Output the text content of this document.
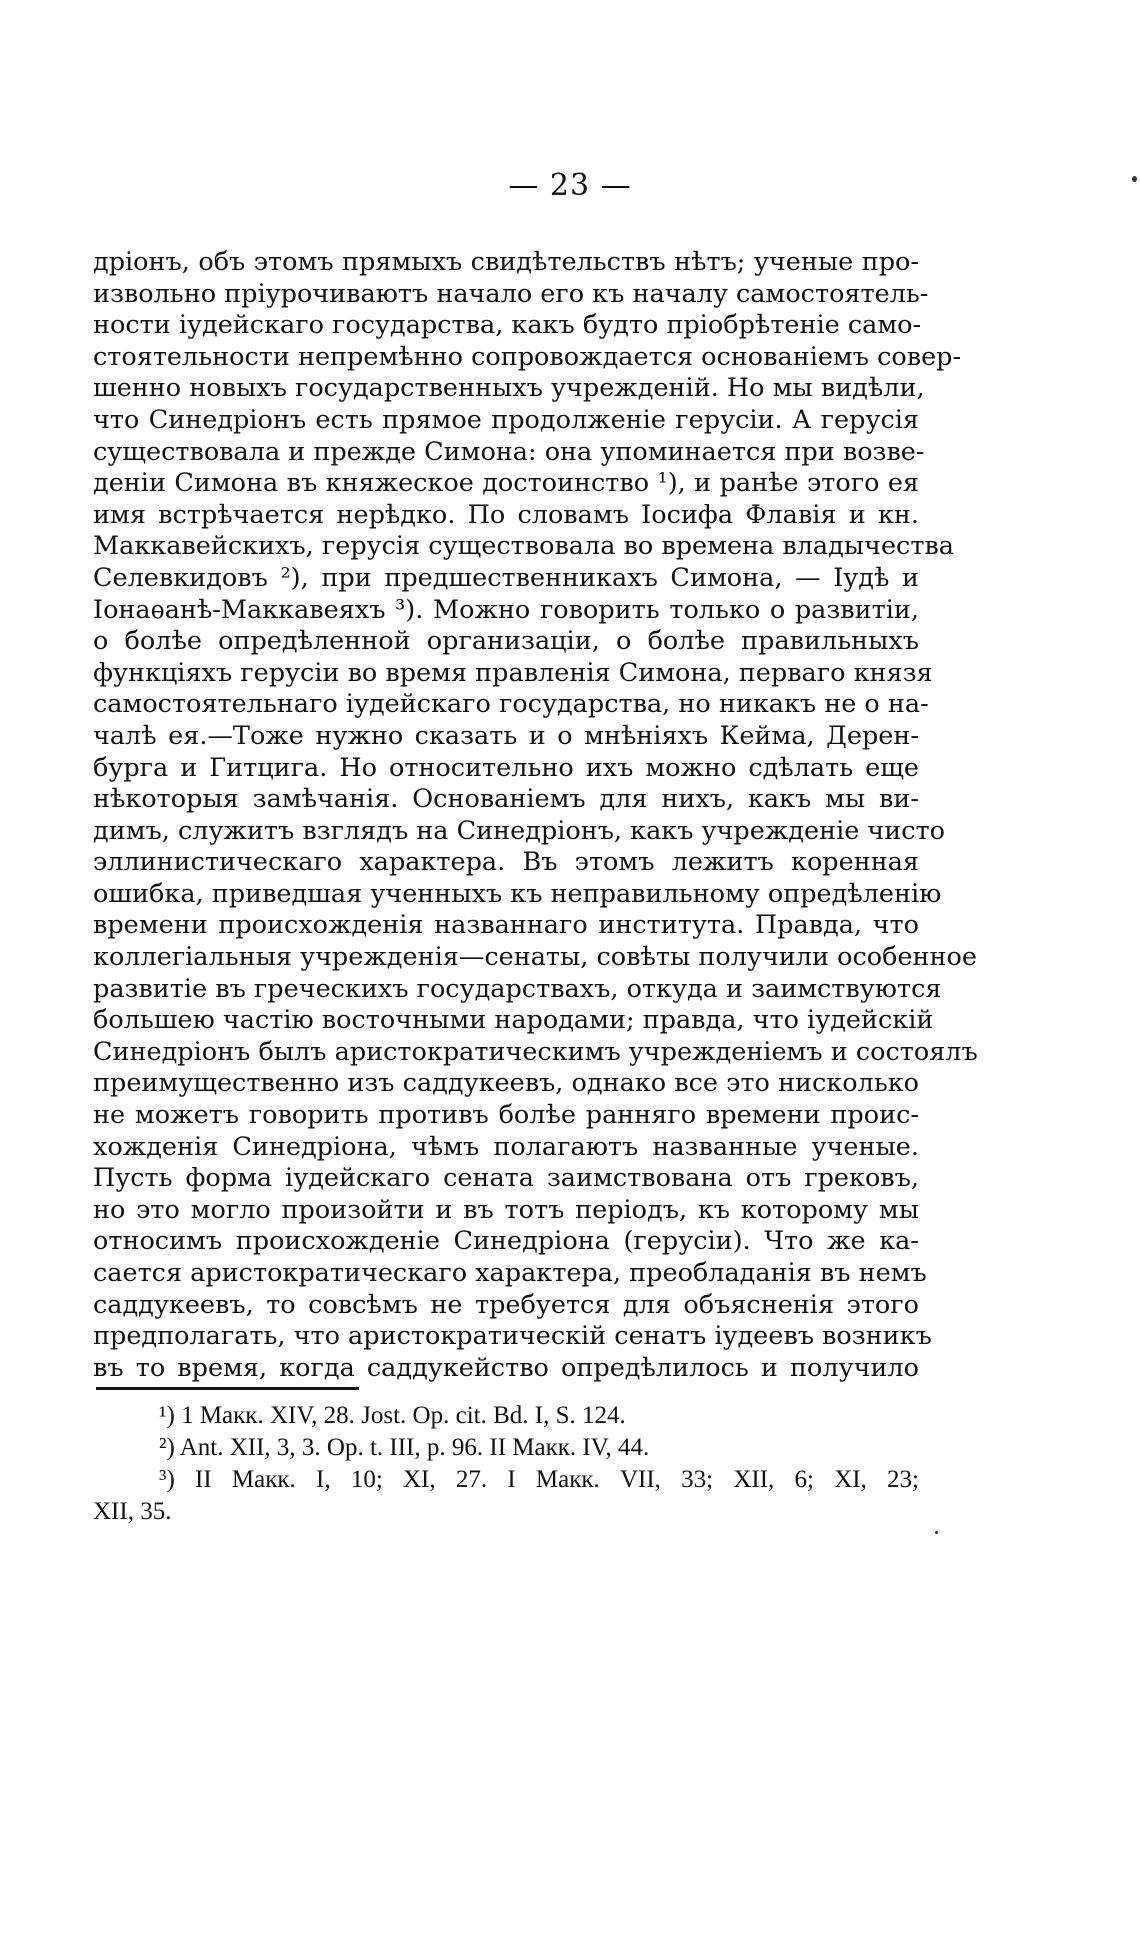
— 23 —
дріонъ, объ этомъ прямыхъ свидѣтельствъ нѣтъ; ученые про-
извольно пріурочиваютъ начало его къ началу самостоятель-
ности іудейскаго государства, какъ будто пріобрѣтеніе само-
стоятельности непремѣнно сопровождается основаніемъ совер-
шенно новыхъ государственныхъ учрежденій. Но мы видѣли,
что Синедріонъ есть прямое продолженіе герусіи. А герусія
существовала и прежде Симона: она упоминается при возве-
деніи Симона въ княжеское достоинство ¹), и ранѣе этого ея
имя встрѣчается нерѣдко. По словамъ Іосифа Флавія и кн.
Маккавейскихъ, герусія существовала во времена владычества
Селевкидовъ ²), при предшественникахъ Симона, — Іудѣ и
Іонаѳанѣ-Маккавеяхъ ³). Можно говорить только о развитіи,
о болѣе опредѣленной организаціи, о болѣе правильныхъ
функціяхъ герусіи во время правленія Симона, перваго князя
самостоятельнаго іудейскаго государства, но никакъ не о на-
чалѣ ея.—Тоже нужно сказать и о мнѣніяхъ Кейма, Дерен-
бурга и Гитцига. Но относительно ихъ можно сдѣлать еще
нѣкоторыя замѣчанія. Основаніемъ для нихъ, какъ мы ви-
димъ, служитъ взглядъ на Синедріонъ, какъ учрежденіе чисто
эллинистическаго характера. Въ этомъ лежитъ коренная
ошибка, приведшая ученныхъ къ неправильному опредѣленію
времени происхожденія названнаго института. Правда, что
коллегіальныя учрежденія—сенаты, совѣты получили особенное
развитіе въ греческихъ государствахъ, откуда и заимствуются
большею частію восточными народами; правда, что іудейскій
Синедріонъ былъ аристократическимъ учрежденіемъ и состоялъ
преимущественно изъ саддукеевъ, однако все это нисколько
не можетъ говорить противъ болѣе ранняго времени проис-
хожденія Синедріона, чѣмъ полагаютъ названные ученые.
Пусть форма іудейскаго сената заимствована отъ грековъ,
но это могло произойти и въ тотъ періодъ, къ которому мы
относимъ происхожденіе Синедріона (герусіи). Что же ка-
сается аристократическаго характера, преобладанія въ немъ
саддукеевъ, то совсѣмъ не требуется для объясненія этого
предполагать, что аристократическій сенатъ іудеевъ возникъ
въ то время, когда саддукейство опредѣлилось и получило
¹) 1 Макк. XIV, 28. Jost. Op. cit. Bd. I, S. 124.
²) Ant. XII, 3, 3. Op. t. III, p. 96. II Макк. IV, 44.
³) II Макк. I, 10; XI, 27. I Макк. VII, 33; XII, 6; XI, 23;
XII, 35.
